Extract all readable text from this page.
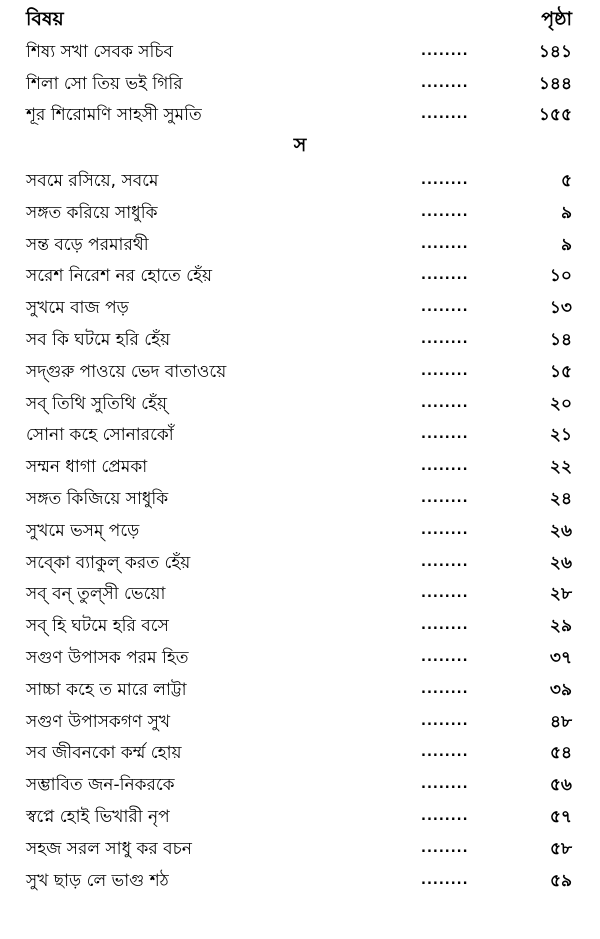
বিষয়	পৃষ্ঠা
শিষ্য সখা সেবক সচিব	........	১৪১
শিলা সো তিয় ভই গিরি	........	১৪৪
শূর শিরোমণি সাহসী সুমতি	........	১৫৫
স
সবমে রসিয়ে, সবমে	........	৫
সঙ্গত করিয়ে সাধুকি	........	৯
সন্ত বড়ে পরমারথী	........	৯
সরেশ নিরেশ নর হোতে হেঁয়	........	১০
সুখমে বাজ পড়	........	১৩
সব কি ঘটমে হরি হেঁয়	........	১৪
সদ্গুরু পাওয়ে ভেদ বাতাওয়ে	........	১৫
সব্ তিথি সুতিথি হেঁয়্	........	২০
সোনা কহে সোনারকোঁ	........	২১
সম্মন ধাগা প্রেমকা	........	২২
সঙ্গত কিজিয়ে সাধুকি	........	২৪
সুখমে ভসম্ পড়ে	........	২৬
সব্কো ব্যাকুল্ করত হেঁয়	........	২৬
সব্ বন্ তুল্সী ভেয়ো	........	২৮
সব্ হি ঘটমে হরি বসে	........	২৯
সগুণ উপাসক পরম হিত	........	৩৭
সাচ্চা কহে ত মারে লাট্টা	........	৩৯
সগুণ উপাসকগণ সুখ	........	৪৮
সব জীবনকো কর্ম্ম হোয়	........	৫৪
সম্ভাবিত জন-নিকরকে	........	৫৬
স্বপ্নে হোই ভিখারী নৃপ	........	৫৭
সহজ সরল সাধু কর বচন	........	৫৮
সুখ ছাড় লে ভাগু শঠ	........	৫৯
